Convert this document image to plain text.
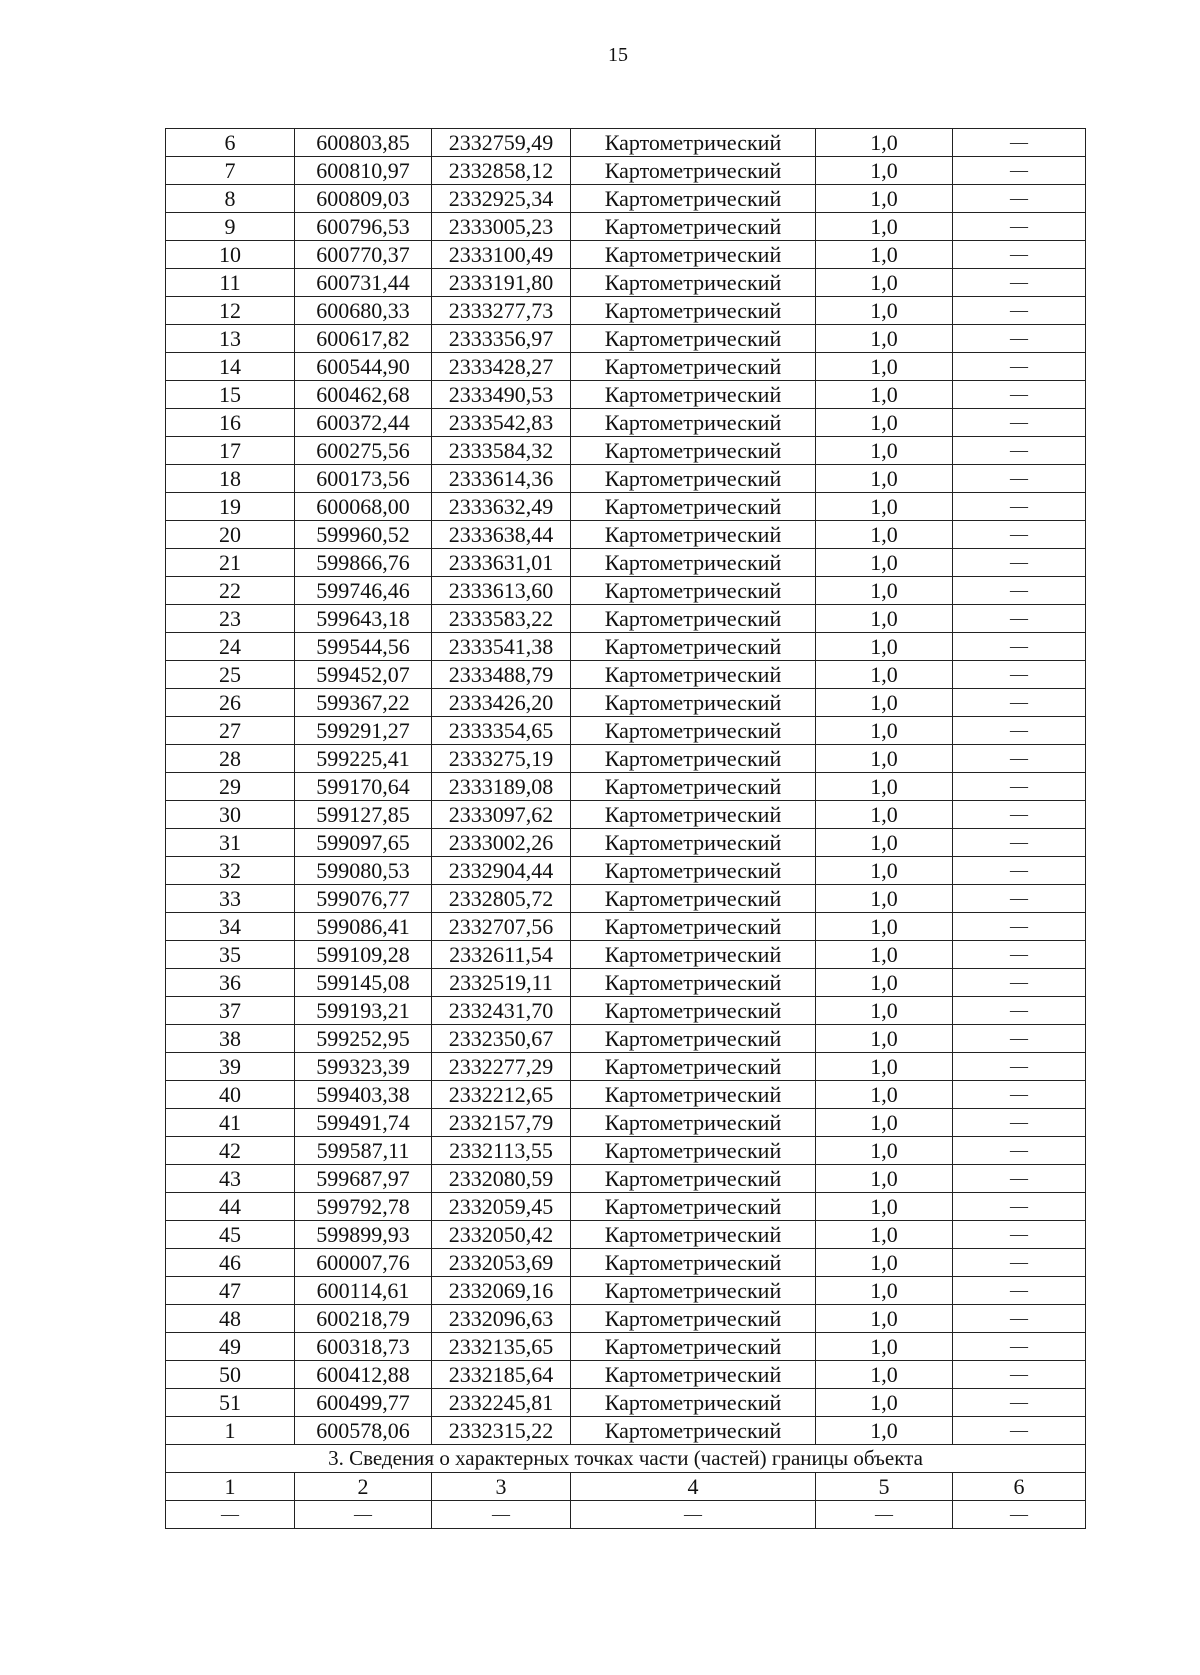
15
6	600803,85	2332759,49	Картометрический	1,0	—
7	600810,97	2332858,12	Картометрический	1,0	—
8	600809,03	2332925,34	Картометрический	1,0	—
9	600796,53	2333005,23	Картометрический	1,0	—
10	600770,37	2333100,49	Картометрический	1,0	—
11	600731,44	2333191,80	Картометрический	1,0	—
12	600680,33	2333277,73	Картометрический	1,0	—
13	600617,82	2333356,97	Картометрический	1,0	—
14	600544,90	2333428,27	Картометрический	1,0	—
15	600462,68	2333490,53	Картометрический	1,0	—
16	600372,44	2333542,83	Картометрический	1,0	—
17	600275,56	2333584,32	Картометрический	1,0	—
18	600173,56	2333614,36	Картометрический	1,0	—
19	600068,00	2333632,49	Картометрический	1,0	—
20	599960,52	2333638,44	Картометрический	1,0	—
21	599866,76	2333631,01	Картометрический	1,0	—
22	599746,46	2333613,60	Картометрический	1,0	—
23	599643,18	2333583,22	Картометрический	1,0	—
24	599544,56	2333541,38	Картометрический	1,0	—
25	599452,07	2333488,79	Картометрический	1,0	—
26	599367,22	2333426,20	Картометрический	1,0	—
27	599291,27	2333354,65	Картометрический	1,0	—
28	599225,41	2333275,19	Картометрический	1,0	—
29	599170,64	2333189,08	Картометрический	1,0	—
30	599127,85	2333097,62	Картометрический	1,0	—
31	599097,65	2333002,26	Картометрический	1,0	—
32	599080,53	2332904,44	Картометрический	1,0	—
33	599076,77	2332805,72	Картометрический	1,0	—
34	599086,41	2332707,56	Картометрический	1,0	—
35	599109,28	2332611,54	Картометрический	1,0	—
36	599145,08	2332519,11	Картометрический	1,0	—
37	599193,21	2332431,70	Картометрический	1,0	—
38	599252,95	2332350,67	Картометрический	1,0	—
39	599323,39	2332277,29	Картометрический	1,0	—
40	599403,38	2332212,65	Картометрический	1,0	—
41	599491,74	2332157,79	Картометрический	1,0	—
42	599587,11	2332113,55	Картометрический	1,0	—
43	599687,97	2332080,59	Картометрический	1,0	—
44	599792,78	2332059,45	Картометрический	1,0	—
45	599899,93	2332050,42	Картометрический	1,0	—
46	600007,76	2332053,69	Картометрический	1,0	—
47	600114,61	2332069,16	Картометрический	1,0	—
48	600218,79	2332096,63	Картометрический	1,0	—
49	600318,73	2332135,65	Картометрический	1,0	—
50	600412,88	2332185,64	Картометрический	1,0	—
51	600499,77	2332245,81	Картометрический	1,0	—
1	600578,06	2332315,22	Картометрический	1,0	—
3. Сведения о характерных точках части (частей) границы объекта					
1	2	3	4	5	6
—	—	—	—	—	—
